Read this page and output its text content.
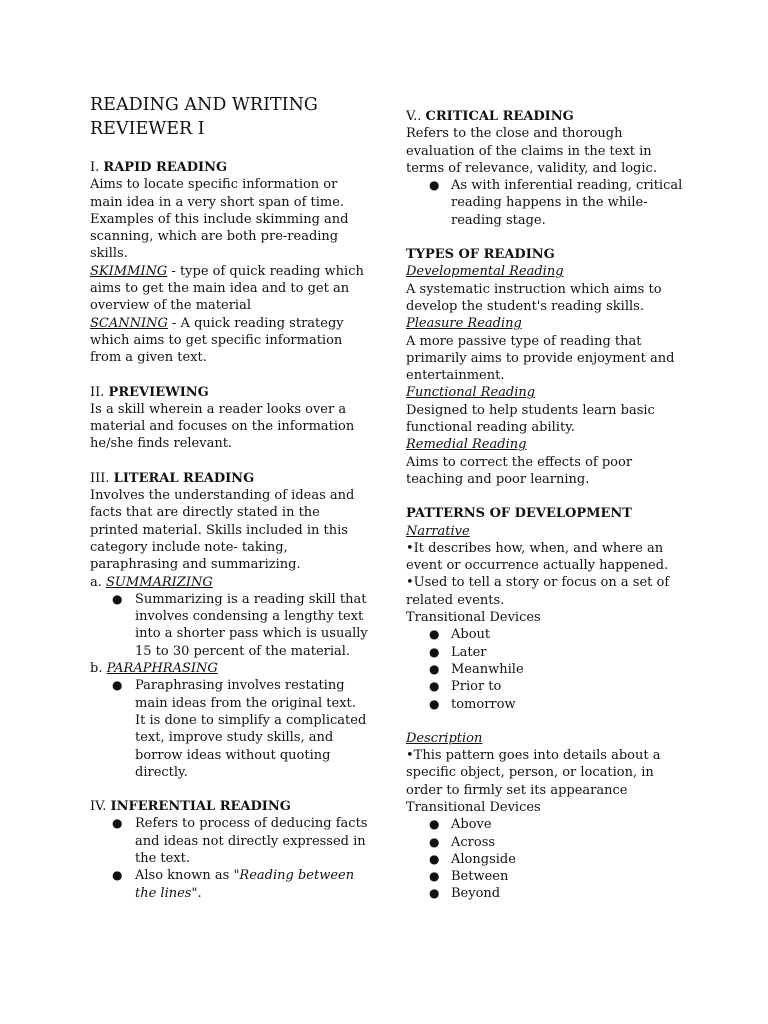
READING AND WRITING REVIEWER I

I. RAPID READING

Aims to locate specific information or main idea in a very short span of time. Examples of this include skimming and scanning, which are both pre-reading skills.

SKIMMING - type of quick reading which aims to get the main idea and to get an overview of the material

SCANNING - A quick reading strategy which aims to get specific information from a given text.

II. PREVIEWING

Is a skill wherein a reader looks over a material and focuses on the information he/she finds relevant.

III. LITERAL READING

Involves the understanding of ideas and facts that are directly stated in the printed material. Skills included in this category include note- taking, paraphrasing and summarizing.

a. SUMMARIZING

● Summarizing is a reading skill that involves condensing a lengthy text into a shorter pass which is usually 15 to 30 percent of the material.

b. PARAPHRASING

● Paraphrasing involves restating main ideas from the original text. It is done to simplify a complicated text, improve study skills, and borrow ideas without quoting directly.

IV. INFERENTIAL READING

● Refers to process of deducing facts and ideas not directly expressed in the text.
● Also known as "Reading between the lines".

V.. CRITICAL READING

Refers to the close and thorough evaluation of the claims in the text in terms of relevance, validity, and logic.

● As with inferential reading, critical reading happens in the while-reading stage.

TYPES OF READING

Developmental Reading

A systematic instruction which aims to develop the student's reading skills.

Pleasure Reading

A more passive type of reading that primarily aims to provide enjoyment and entertainment.

Functional Reading

Designed to help students learn basic functional reading ability.

Remedial Reading

Aims to correct the effects of poor teaching and poor learning.

PATTERNS OF DEVELOPMENT

Narrative

•It describes how, when, and where an event or occurrence actually happened.

•Used to tell a story or focus on a set of related events.

Transitional Devices

● About
● Later
● Meanwhile
● Prior to
● tomorrow

Description

•This pattern goes into details about a specific object, person, or location, in order to firmly set its appearance

Transitional Devices

● Above
● Across
● Alongside
● Between
● Beyond
